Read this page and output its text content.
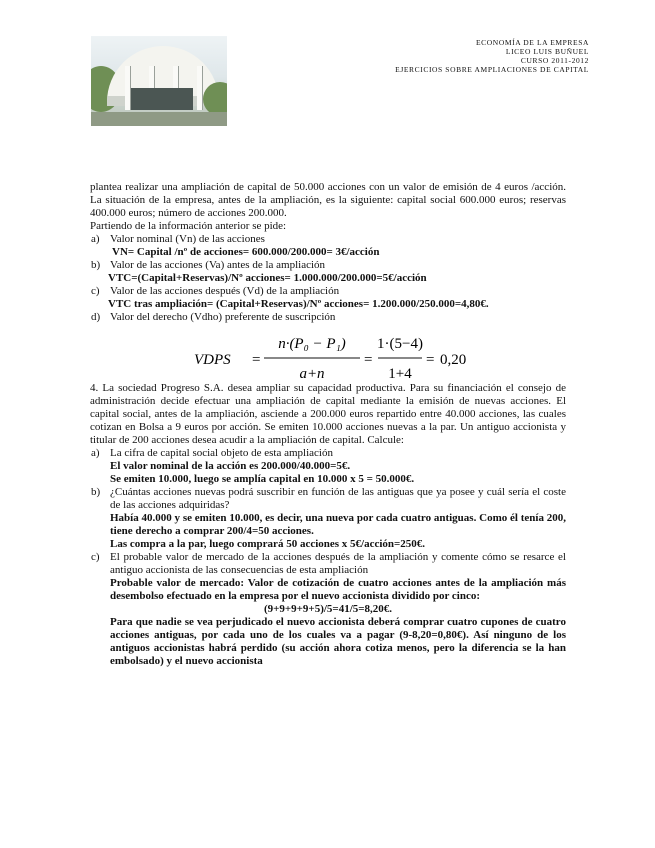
ECONOMÍA DE LA EMPRESA
LICEO LUIS BUÑUEL
CURSO 2011-2012
EJERCICIOS SOBRE AMPLIACIONES DE CAPITAL

plantea realizar una ampliación de capital de 50.000 acciones con un valor de emisión de 4 euros /acción. La situación de la empresa, antes de la ampliación, es la siguiente: capital social 600.000 euros; reservas 400.000 euros; número de acciones 200.000.

Partiendo de la información anterior se pide:

a) Valor nominal (Vn) de las acciones

VN= Capital /nº de acciones= 600.000/200.000= 3€/acción

b) Valor de las acciones (Va) antes de la ampliación

VTC=(Capital+Reservas)/Nº acciones= 1.000.000/200.000=5€/acción

c) Valor de las acciones después (Vd) de la ampliación

VTC tras ampliación= (Capital+Reservas)/Nº acciones= 1.200.000/250.000=4,80€.

d) Valor del derecho (Vdho) preferente de suscripción

VDPS =
n·(P₀ − P₁)
a+n
=
1·(5−4)
1+4
= 0,20

4. La sociedad Progreso S.A. desea ampliar su capacidad productiva. Para su financiación el consejo de administración decide efectuar una ampliación de capital mediante la emisión de nuevas acciones. El capital social, antes de la ampliación, asciende a 200.000 euros repartido entre 40.000 acciones, las cuales cotizan en Bolsa a 9 euros por acción. Se emiten 10.000 acciones nuevas a la par. Un antiguo accionista y titular de 200 acciones desea acudir a la ampliación de capital. Calcule:

a) La cifra de capital social objeto de esta ampliación

El valor nominal de la acción es 200.000/40.000=5€.

Se emiten 10.000, luego se amplía capital en 10.000 x 5 = 50.000€.

b) ¿Cuántas acciones nuevas podrá suscribir en función de las antiguas que ya posee y cuál sería el coste de las acciones adquiridas?

Había 40.000 y se emiten 10.000, es decir, una nueva por cada cuatro antiguas. Como él tenía 200, tiene derecho a comprar 200/4=50 acciones.

Las compra a la par, luego comprará 50 acciones x 5€/acción=250€.

c) El probable valor de mercado de la acciones después de la ampliación y comente cómo se resarce el antiguo accionista de las consecuencias de esta ampliación

Probable valor de mercado: Valor de cotización de cuatro acciones antes de la ampliación más desembolso efectuado en la empresa por el nuevo accionista dividido por cinco:

(9+9+9+9+5)/5=41/5=8,20€.

Para que nadie se vea perjudicado el nuevo accionista deberá comprar cuatro cupones de cuatro acciones antiguas, por cada uno de los cuales va a pagar (9-8,20=0,80€). Así ninguno de los antiguos accionistas habrá perdido (su acción ahora cotiza menos, pero la diferencia se la han embolsado) y el nuevo accionista
